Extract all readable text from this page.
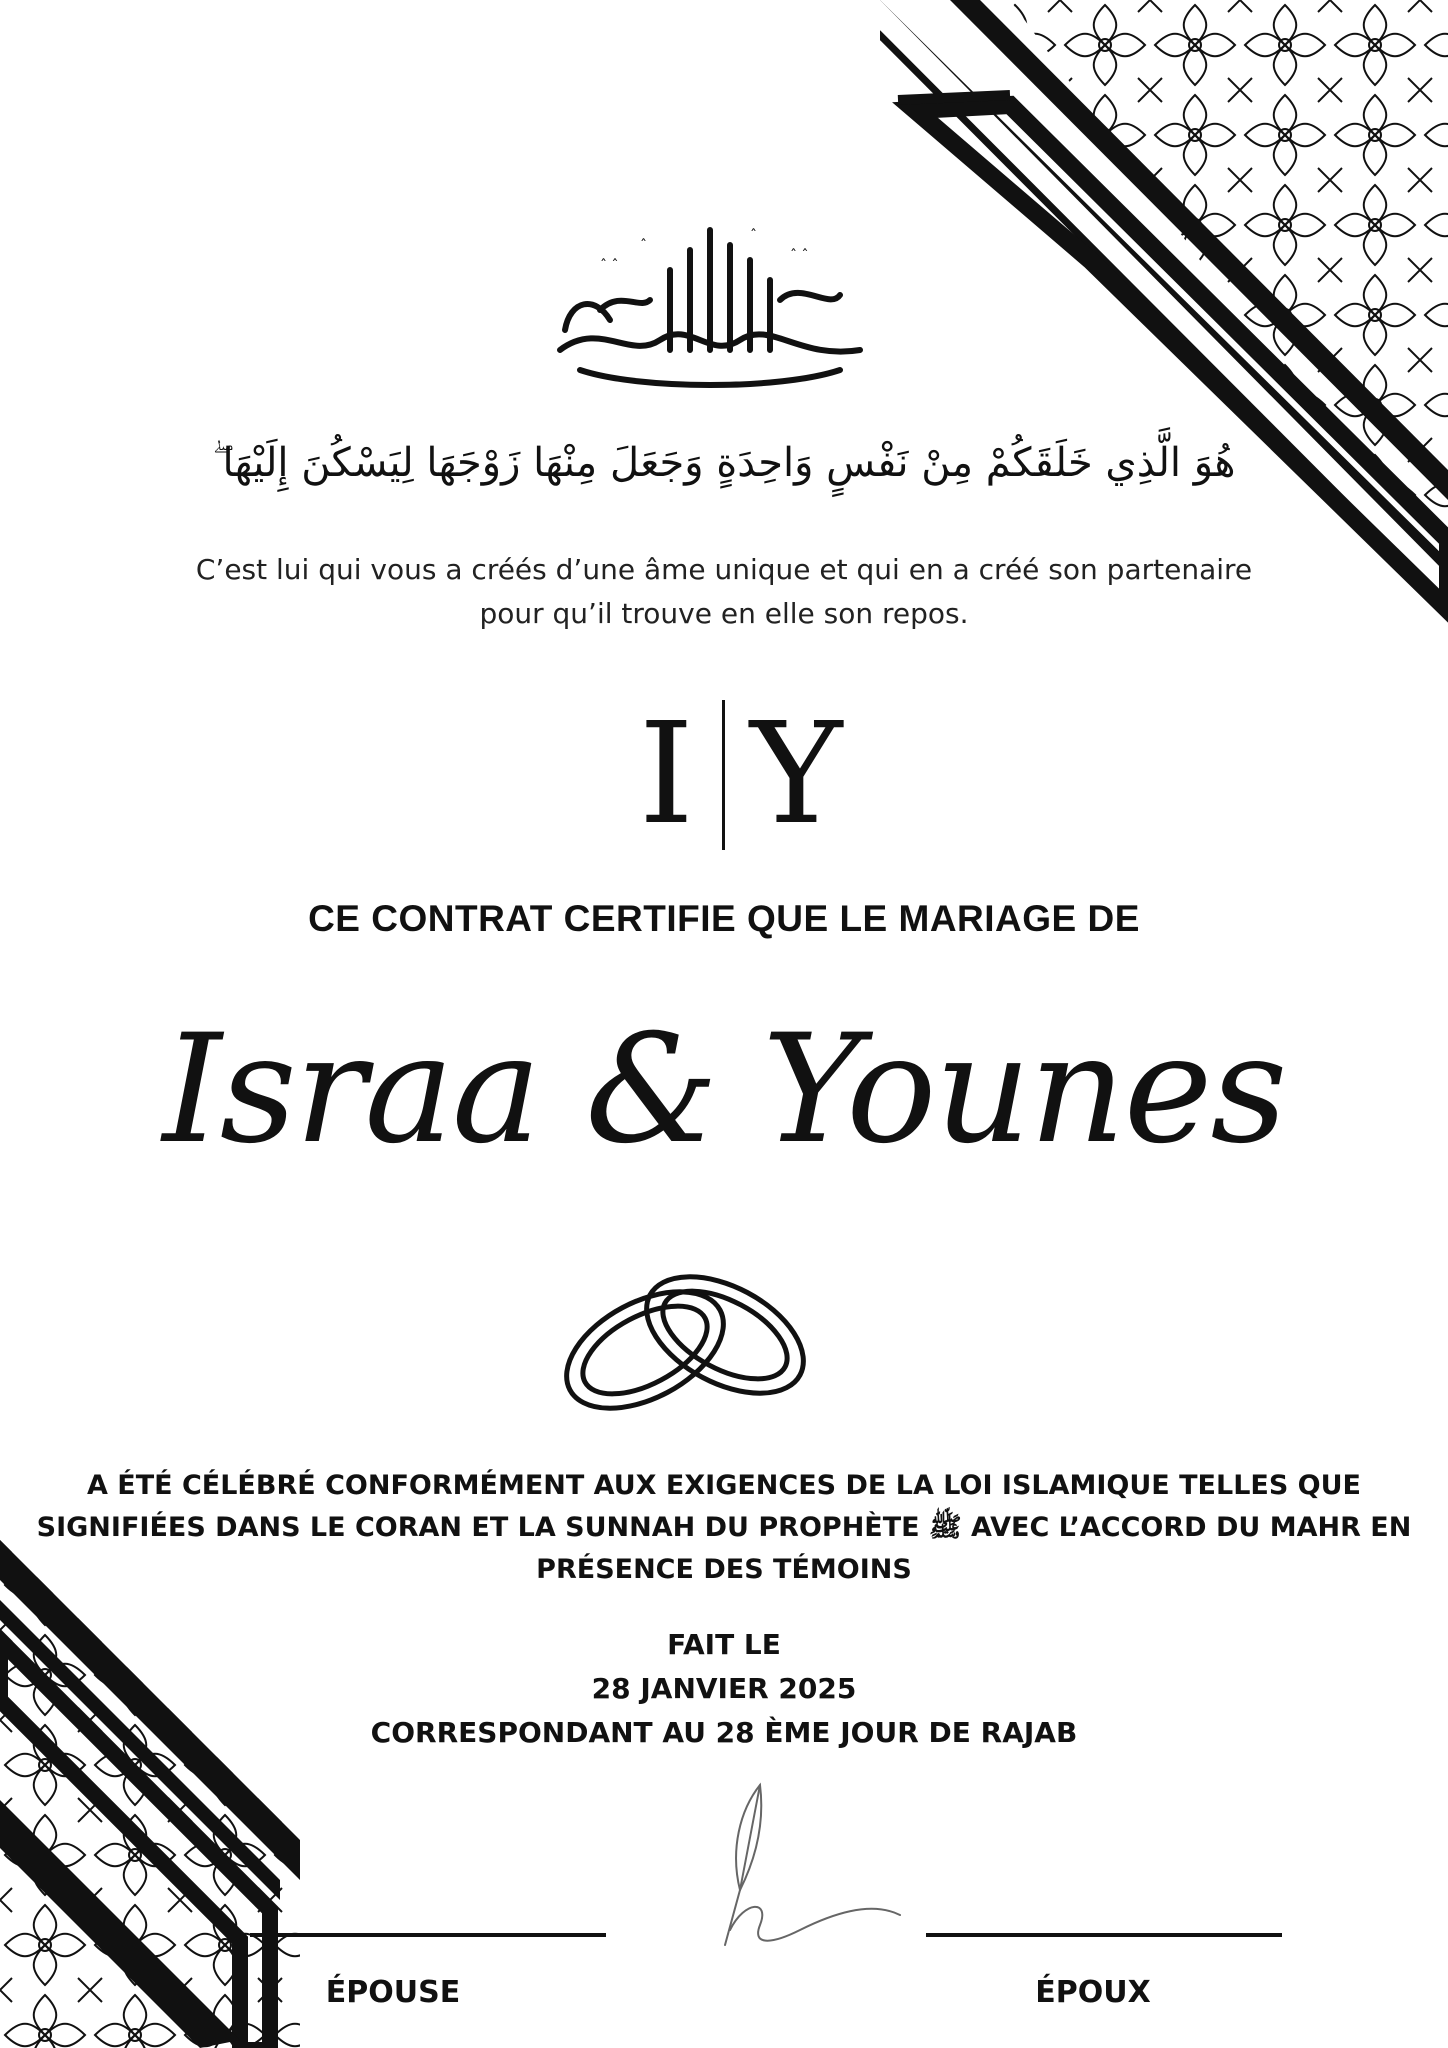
ˆ ˆ
ˆ ˆ
ˆ
ˆ
هُوَ الَّذِي خَلَقَكُمْ مِنْ نَفْسٍ وَاحِدَةٍ وَجَعَلَ مِنْهَا زَوْجَهَا لِيَسْكُنَ إِلَيْهَا ۖ
C’est lui qui vous a créés d’une âme unique et qui en a créé son partenaire
pour qu’il trouve en elle son repos.
I Y
CE CONTRAT CERTIFIE QUE LE MARIAGE DE
Israa & Younes
A ÉTÉ CÉLÉBRÉ CONFORMÉMENT AUX EXIGENCES DE LA LOI ISLAMIQUE TELLES QUE
SIGNIFIÉES DANS LE CORAN ET LA SUNNAH DU PROPHÈTE ﷺ AVEC L’ACCORD DU MAHR EN
PRÉSENCE DES TÉMOINS
FAIT LE
28 JANVIER 2025
CORRESPONDANT AU 28 ÈME JOUR DE RAJAB
ÉPOUSE	ÉPOUX
